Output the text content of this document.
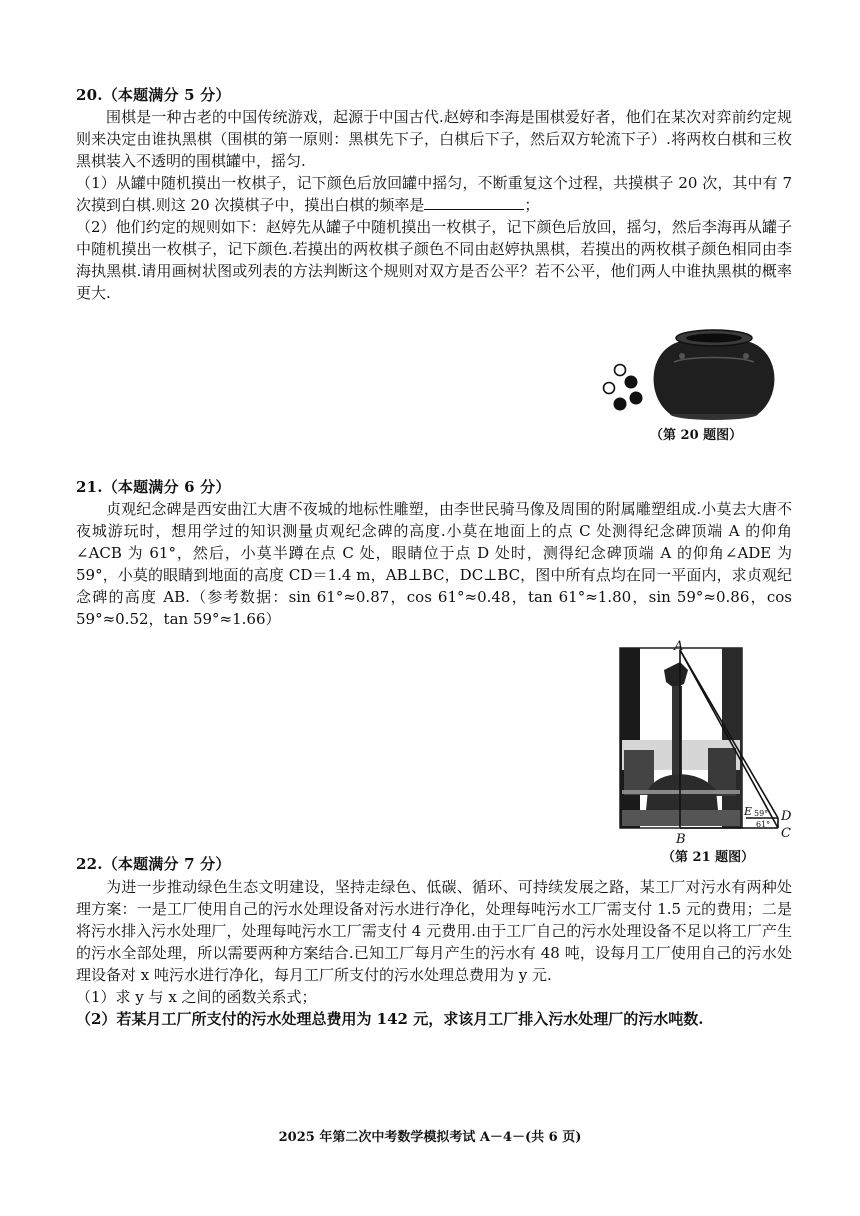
20.（本题满分 5 分）

围棋是一种古老的中国传统游戏，起源于中国古代.赵婷和李海是围棋爱好者，他们在某次对弈前约定规则来决定由谁执黑棋（围棋的第一原则：黑棋先下子，白棋后下子，然后双方轮流下子）.将两枚白棋和三枚黑棋装入不透明的围棋罐中，摇匀.

（1）从罐中随机摸出一枚棋子，记下颜色后放回罐中摇匀，不断重复这个过程，共摸棋子 20 次，其中有 7 次摸到白棋.则这 20 次摸棋子中，摸出白棋的频率是	；

（2）他们约定的规则如下：赵婷先从罐子中随机摸出一枚棋子，记下颜色后放回，摇匀，然后李海再从罐子中随机摸出一枚棋子，记下颜色.若摸出的两枚棋子颜色不同由赵婷执黑棋，若摸出的两枚棋子颜色相同由李海执黑棋.请用画树状图或列表的方法判断这个规则对双方是否公平？若不公平，他们两人中谁执黑棋的概率更大.

（第 20 题图）
21.（本题满分 6 分）

贞观纪念碑是西安曲江大唐不夜城的地标性雕塑，由李世民骑马像及周围的附属雕塑组成.小莫去大唐不夜城游玩时，想用学过的知识测量贞观纪念碑的高度.小莫在地面上的点 C 处测得纪念碑顶端 A 的仰角∠ACB 为 61°，然后，小莫半蹲在点 C 处，眼睛位于点 D 处时，测得纪念碑顶端 A 的仰角∠ADE 为 59°，小莫的眼睛到地面的高度 CD＝1.4 m，AB⊥BC，DC⊥BC，图中所有点均在同一平面内，求贞观纪念碑的高度 AB.（参考数据：sin 61°≈0.87，cos 61°≈0.48，tan 61°≈1.80，sin 59°≈0.86，cos 59°≈0.52，tan 59°≈1.66）

A
B	C
D
E 59°
61°
（第 21 题图）
22.（本题满分 7 分）

为进一步推动绿色生态文明建设，坚持走绿色、低碳、循环、可持续发展之路，某工厂对污水有两种处理方案：一是工厂使用自己的污水处理设备对污水进行净化，处理每吨污水工厂需支付 1.5 元的费用；二是将污水排入污水处理厂，处理每吨污水工厂需支付 4 元费用.由于工厂自己的污水处理设备不足以将工厂产生的污水全部处理，所以需要两种方案结合.已知工厂每月产生的污水有 48 吨，设每月工厂使用自己的污水处理设备对 x 吨污水进行净化，每月工厂所支付的污水处理总费用为 y 元.

（1）求 y 与 x 之间的函数关系式；

（2）若某月工厂所支付的污水处理总费用为 142 元，求该月工厂排入污水处理厂的污水吨数.

2025 年第二次中考数学模拟考试 A－4－(共 6 页)
